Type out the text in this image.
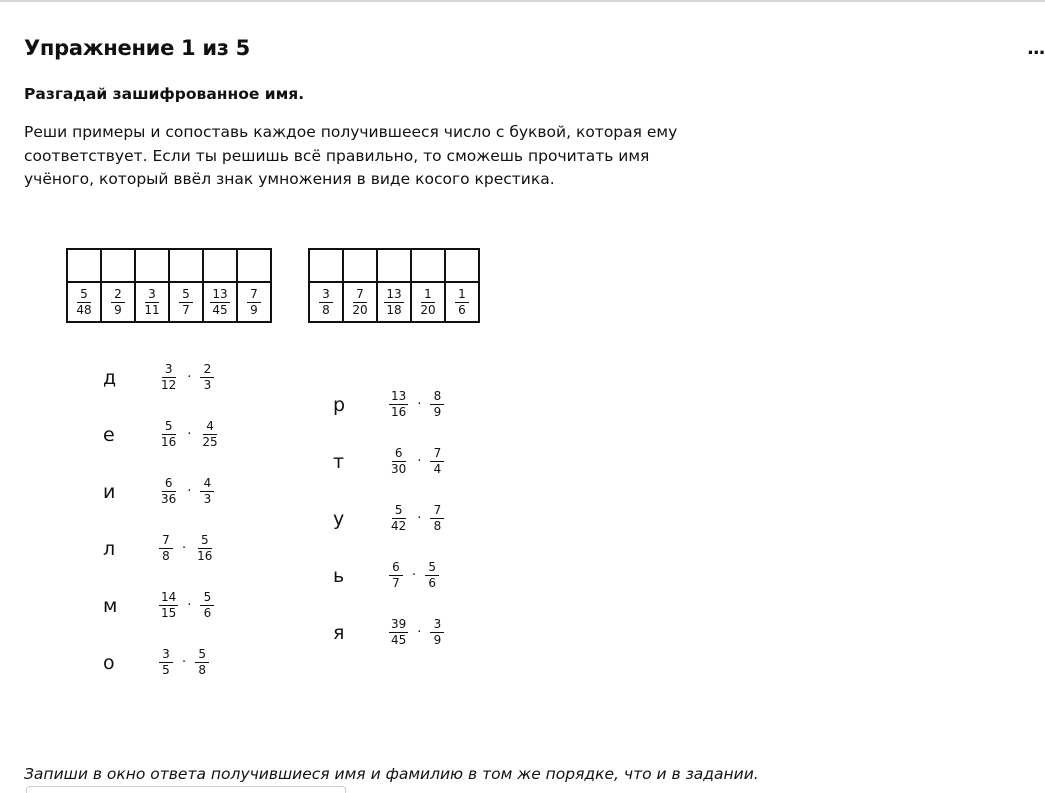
Упражнение 1 из 5	...
Разгадай зашифрованное имя.
Реши примеры и сопоставь каждое получившееся число с буквой, которая ему соответствует. Если ты решишь всё правильно, то сможешь прочитать имя учёного, который ввёл знак умножения в виде косого крестика.

$\frac{5}{48}$	$\frac{2}{9}$	$\frac{3}{11}$	$\frac{5}{7}$	$\frac{13}{45}$	$\frac{7}{9}$
					$\frac{3}{8}$	$\frac{7}{20}$	$\frac{13}{18}$	$\frac{1}{20}$	$\frac{1}{6}$
д	$\frac{3}{12} \cdot \frac{2}{3}$
е	$\frac{5}{16} \cdot \frac{4}{25}$
и	$\frac{6}{36} \cdot \frac{4}{3}$
л	$\frac{7}{8} \cdot \frac{5}{16}$
м	$\frac{14}{15} \cdot \frac{5}{6}$
о	$\frac{3}{5} \cdot \frac{5}{8}$
р	$\frac{13}{16} \cdot \frac{8}{9}$
т	$\frac{6}{30} \cdot \frac{7}{4}$
у	$\frac{5}{42} \cdot \frac{7}{8}$
ь	$\frac{6}{7} \cdot \frac{5}{6}$
я	$\frac{39}{45} \cdot \frac{3}{9}$
Запиши в окно ответа получившиеся имя и фамилию в том же порядке, что и в задании.
